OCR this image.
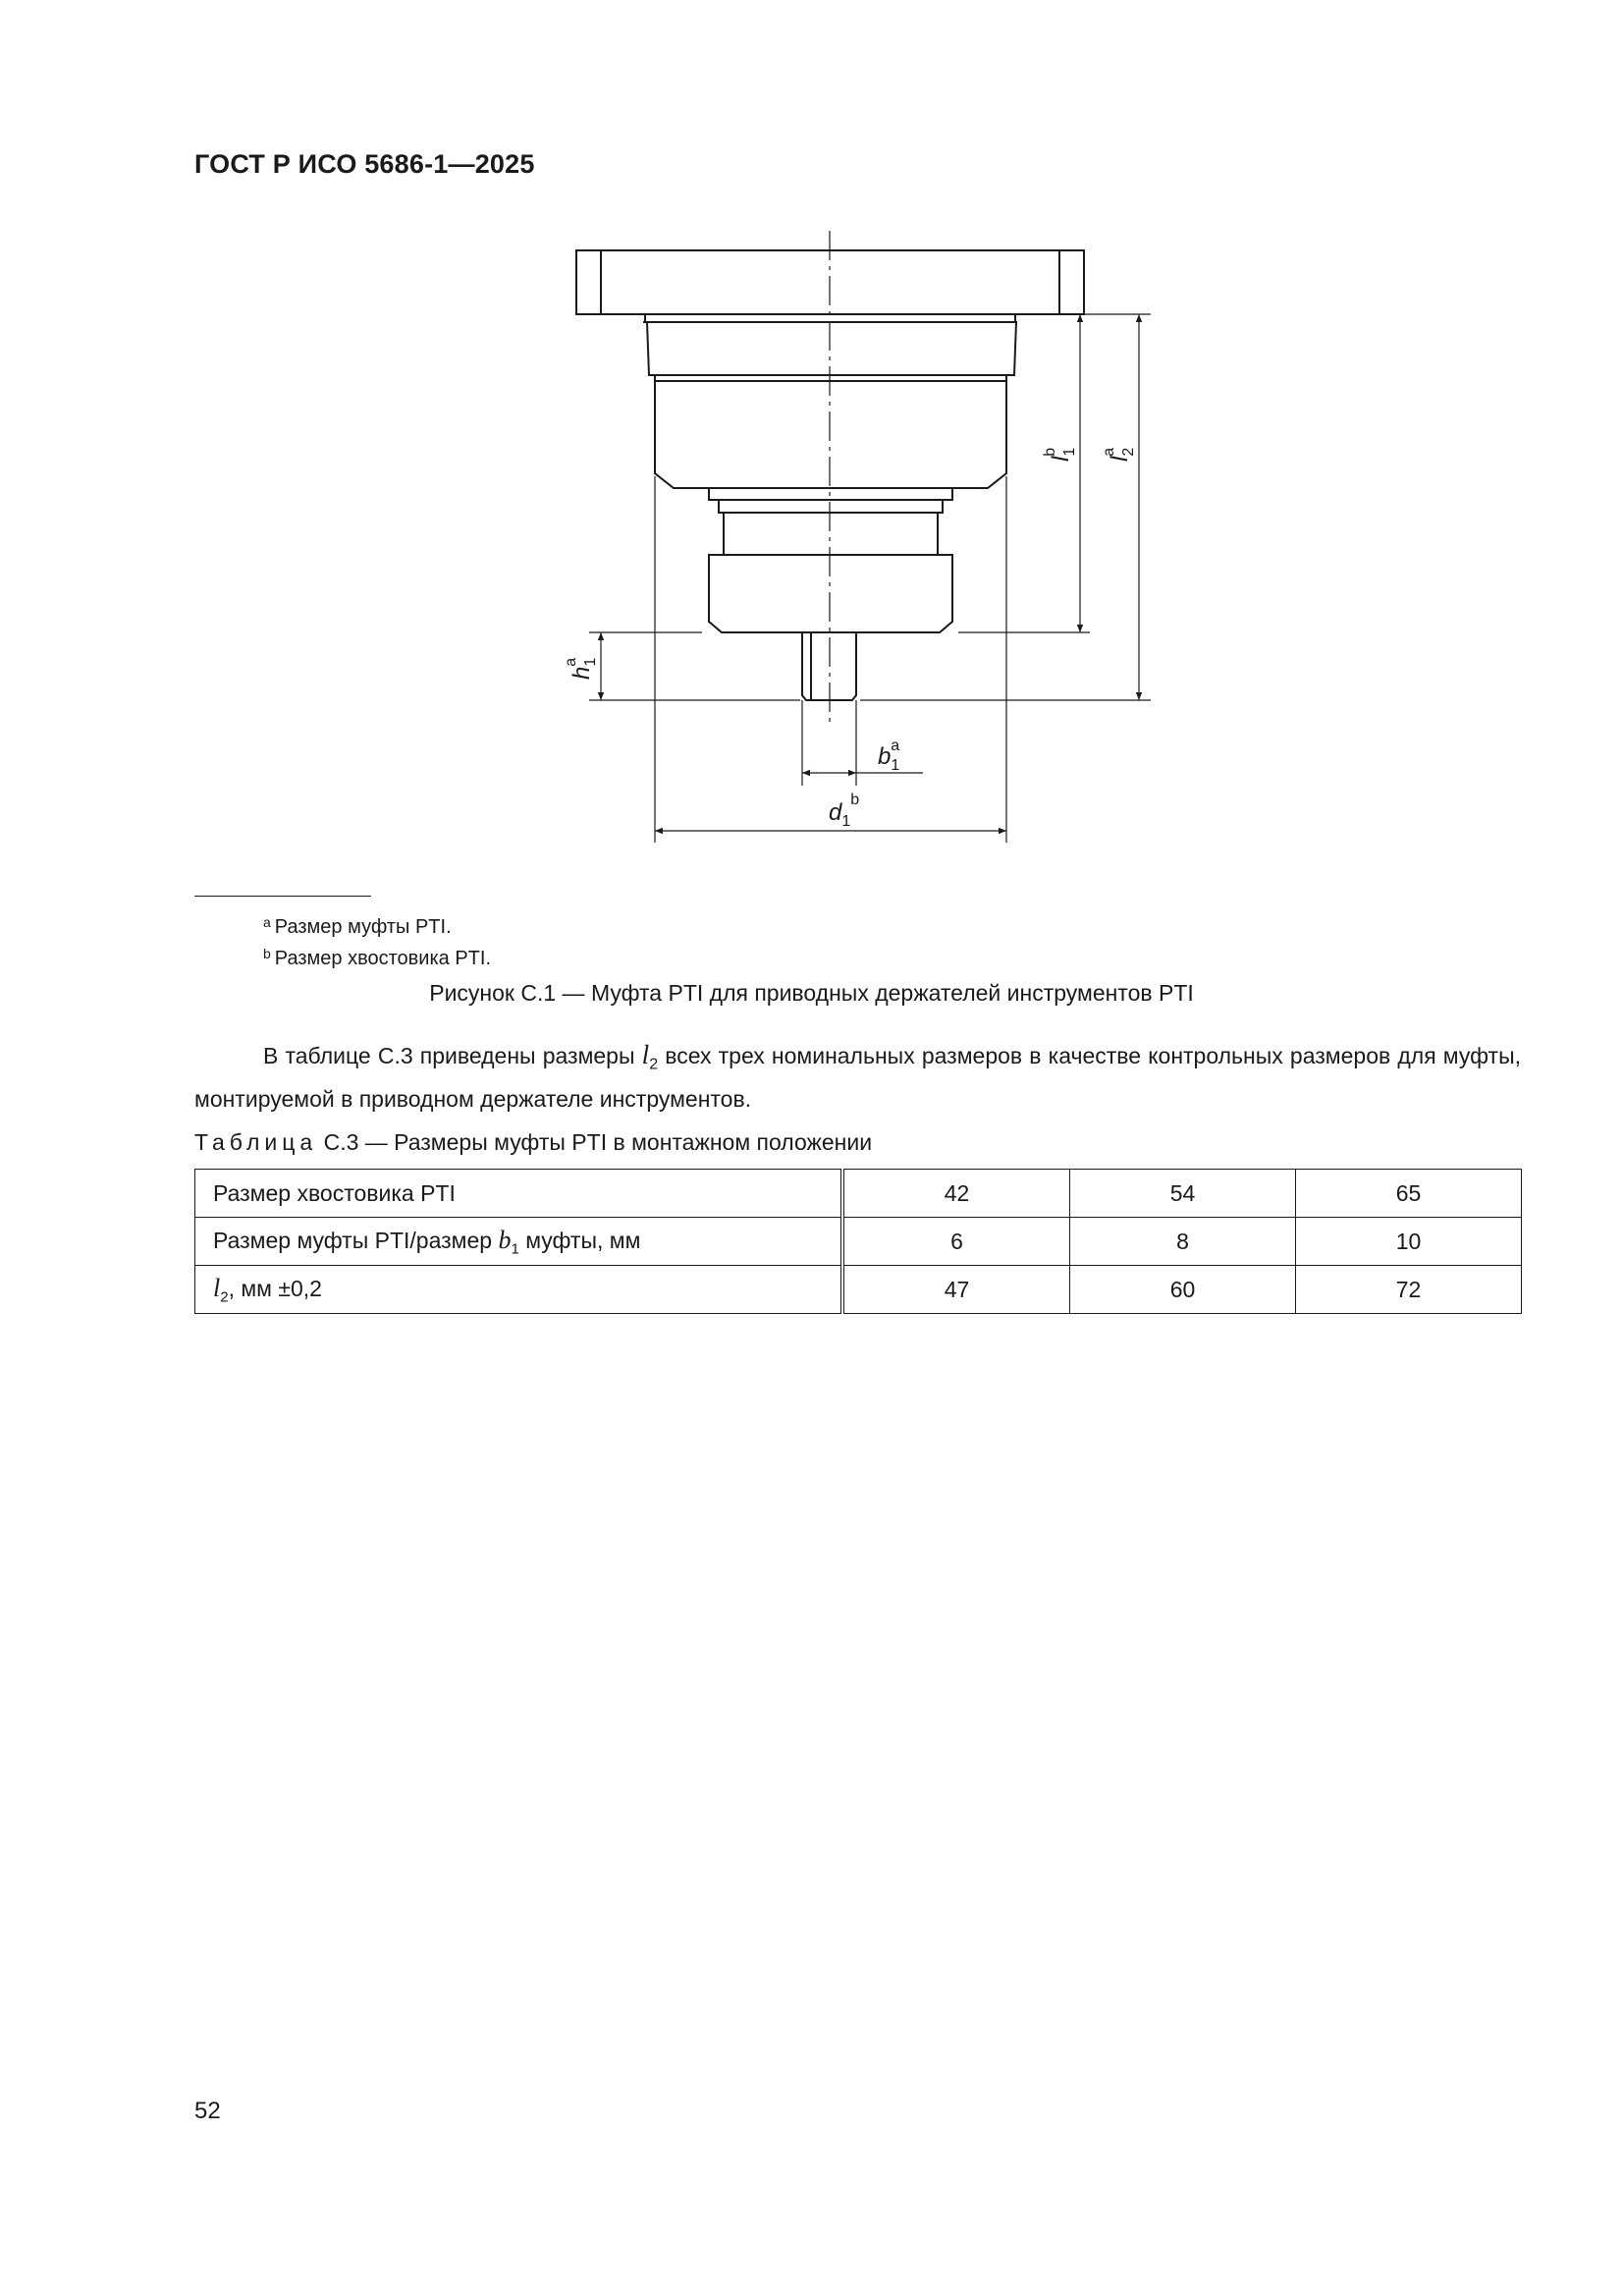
ГОСТ Р ИСО 5686-1—2025
$l_1b$
$l_2a$
$h_1a$
$b_1a$
$d_1^b$
$^a$ Размер муфты PTI.
$^b$ Размер хвостовика PTI.
Рисунок С.1 — Муфта PTI для приводных держателей инструментов PTI
В таблице С.3 приведены размеры $l_2$ всех трех номинальных размеров в качестве контрольных размеров для муфты, монтируемой в приводном держателе инструментов.
Таблица С.3 — Размеры муфты PTI в монтажном положении
Размер хвостовика PTI	42	54	65
Размер муфты PTI/размер $b_1$ муфты, мм	6	8	10
$l_2$, мм ±0,2	47	60	72
52
